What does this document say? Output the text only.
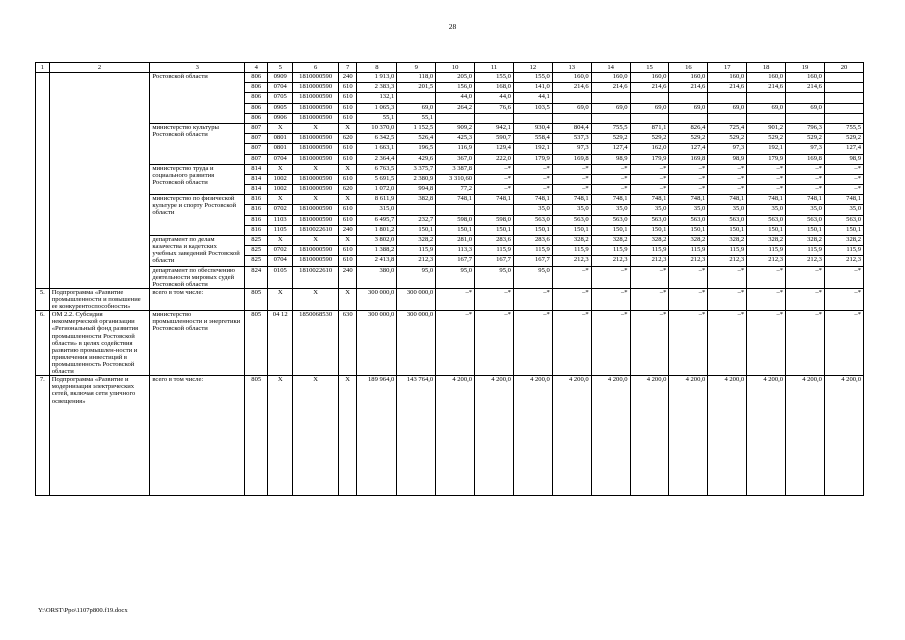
28
1	2	3	4	5	6	7	8	9	10	11	12	13	14	15	16	17	18	19	20
		Ростовской области	806	0909	1810000590	240	1 913,0	118,0	205,0	155,0	155,0	160,0	160,0	160,0	160,0	160,0	160,0	160,0	
			806	0704	1810000590	610	2 383,3	201,5	156,0	168,0	141,0	214,6	214,6	214,6	214,6	214,6	214,6	214,6	
			806	0705	1810000590	610	132,1		44,0	44,0	44,1								
			806	0905	1810000590	610	1 065,3	69,0	264,2	76,6	103,5	69,0	69,0	69,0	69,0	69,0	69,0	69,0	
			806	0906	1810000590	610	55,1	55,1											
		министерство культуры Ростовской области	807	Х	Х	Х	10 370,0	1 152,5	909,2	942,1	930,4	804,4	755,5	871,1	826,4	725,4	901,2	796,3	755,5
			807	0801	1810000590	620	6 342,5	526,4	425,3	590,7	558,4	537,3	529,2	529,2	529,2	529,2	529,2	529,2	529,2
			807	0801	1810000590	610	1 663,1	196,5	116,9	129,4	192,1	97,3	127,4	162,0	127,4	97,3	192,1	97,3	127,4
			807	0704	1810000590	610	2 364,4	429,6	367,0	222,0	179,9	169,8	98,9	179,9	169,8	98,9	179,9	169,8	98,9
		министерство труда и социального развития Ростовской области	814	Х	Х	Х	6 763,5	3 375,7	3 387,8	–*	–*	–*	–*	–*	–*	–*	–*	–*	–*
			814	1002	1810000590	610	5 691,5	2 380,9	3 310,60	–*	–*	–*	–*	–*	–*	–*	–*	–*	–*
			814	1002	1810000590	620	1 072,0	994,8	77,2	–*	–*	–*	–*	–*	–*	–*	–*	–*	–*
		министерство по физической культуре и спорту Ростовской области	816	Х	Х	Х	8 611,9	382,8	748,1	748,1	748,1	748,1	748,1	748,1	748,1	748,1	748,1	748,1	748,1
			816	0702	1810000590	610	315,0				35,0	35,0	35,0	35,0	35,0	35,0	35,0	35,0	35,0
			816	1103	1810000590	610	6 495,7	232,7	598,0	598,0	563,0	563,0	563,0	563,0	563,0	563,0	563,0	563,0	563,0
			816	1105	1810022610	240	1 801,2	150,1	150,1	150,1	150,1	150,1	150,1	150,1	150,1	150,1	150,1	150,1	150,1
		департамент по делам казачества и кадетских учебных заведений Ростовской области	825	Х	Х	Х	3 802,0	328,2	281,0	283,6	283,6	328,2	328,2	328,2	328,2	328,2	328,2	328,2	328,2
			825	0702	1810000590	610	1 388,2	115,9	113,3	115,9	115,9	115,9	115,9	115,9	115,9	115,9	115,9	115,9	115,9
			825	0704	1810000590	610	2 413,8	212,3	167,7	167,7	167,7	212,3	212,3	212,3	212,3	212,3	212,3	212,3	212,3
		департамент по обеспечению деятельности мировых судей Ростовской области	824	0105	1810022610	240	380,0	95,0	95,0	95,0	95,0	–*	–*	–*	–*	–*	–*	–*	–*
5.	Подпрограмма «Развитие промышленности и повышение ее конкурентоспособности»	всего в том числе:	805	Х	Х	Х	300 000,0	300 000,0	–*	–*	–*	–*	–*	–*	–*	–*	–*	–*	–*
6.	ОМ 2.2. Субсидия некоммерческой организации «Региональный фонд развития промышленности Ростовской области» в целях содействия развитию промышлен-ности и привлечения инвестиций в промышленность Ростовской области	министерство промышленности и энергетики Ростовской области	805	04 12	1850068530	630	300 000,0	300 000,0	–*	–*	–*	–*	–*	–*	–*	–*	–*	–*	–*
7.	Подпрограмма «Развитие и модернизация электрических сетей, включая сети уличного освещения»	всего в том числе:	805	Х	Х	Х	189 964,0	143 764,0	4 200,0	4 200,0	4 200,0	4 200,0	4 200,0	4 200,0	4 200,0	4 200,0	4 200,0	4 200,0	4 200,0
Y:\ORST\Ppo\1107p800.f19.docx
